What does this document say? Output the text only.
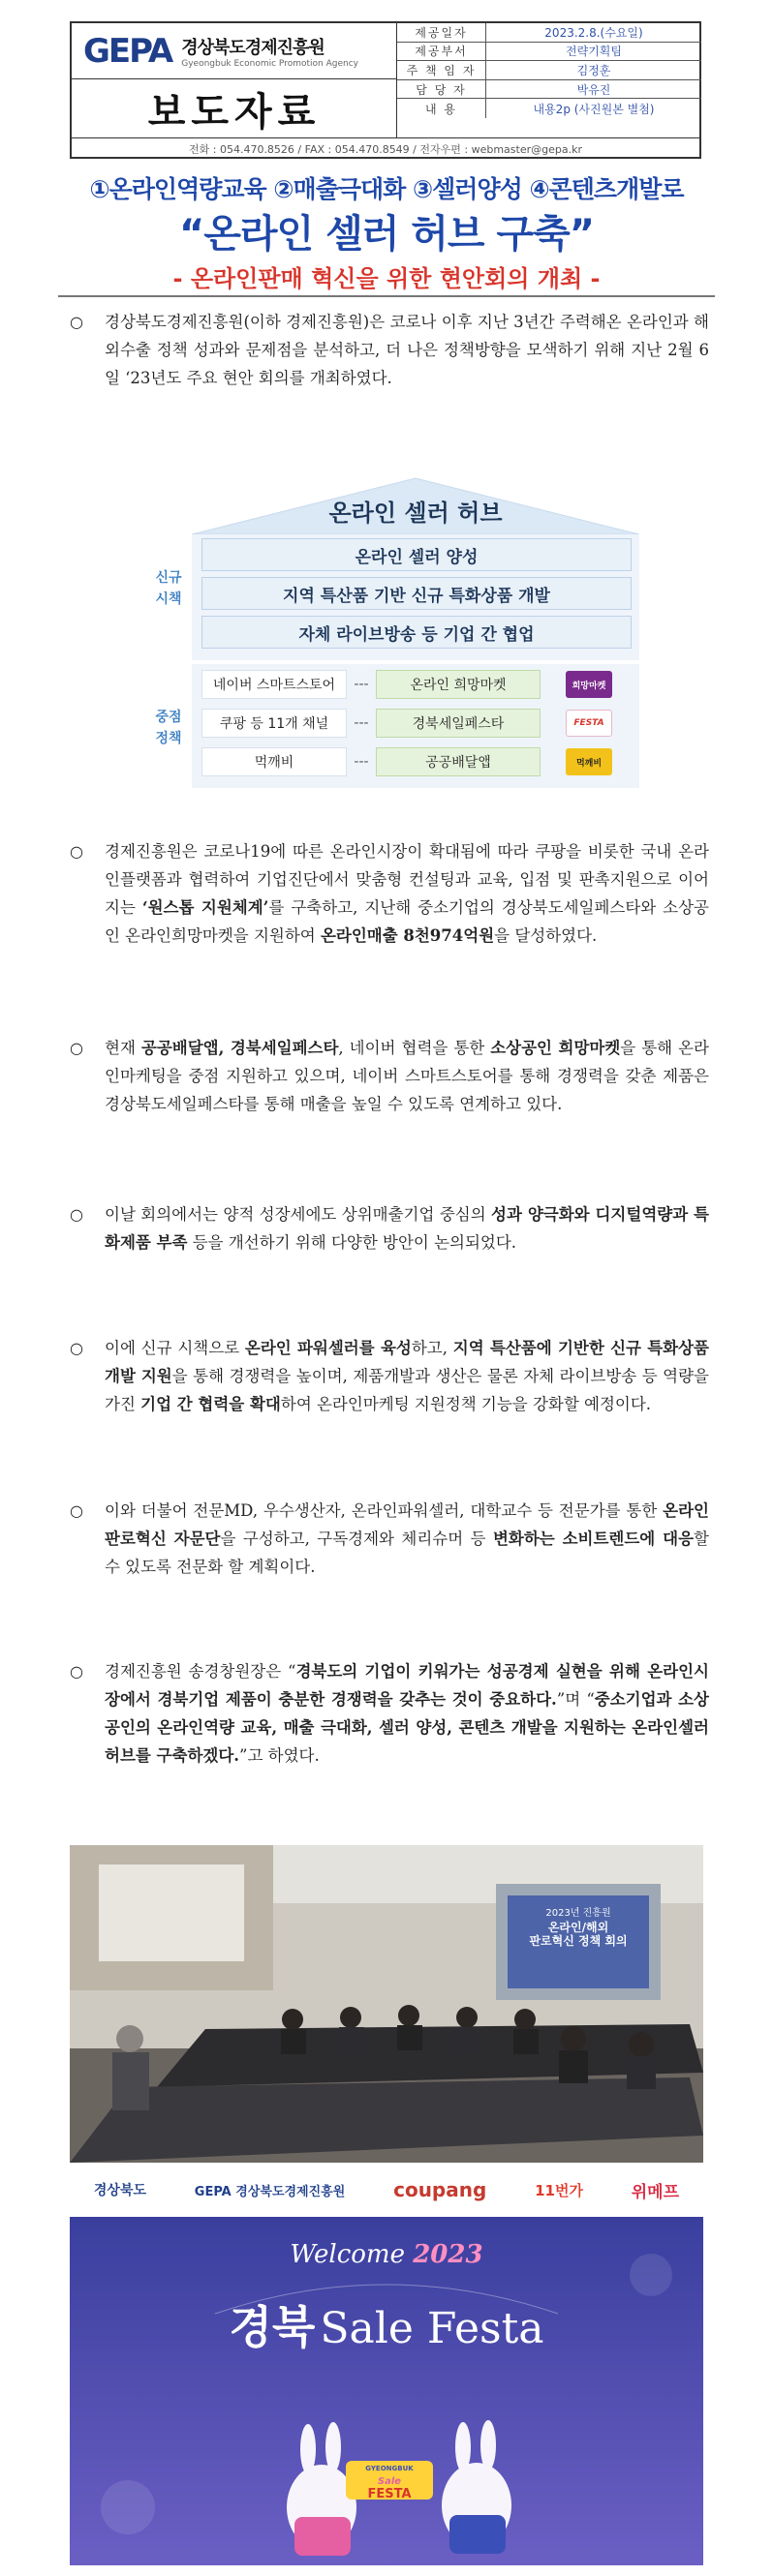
GEPA 경상북도경제진흥원
Gyeongbuk Economic Promotion Agency
보도자료
제공일자	2023.2.8.(수요일)
제공부서	전략기획팀
주 책 임 자	김정훈
담 당 자	박유진
내 용	내용2p (사진원본 별첨)
전화 : 054.470.8526 / FAX : 054.470.8549 / 전자우편 : webmaster@gepa.kr
①온라인역량교육 ②매출극대화 ③셀러양성 ④콘텐츠개발로
“온라인 셀러 허브 구축”
- 온라인판매 혁신을 위한 현안회의 개최 -
○ 경상북도경제진흥원(이하 경제진흥원)은 코로나 이후 지난 3년간 주력해온 온라인과 해외수출 정책 성과와 문제점을 분석하고, 더 나은 정책방향을 모색하기 위해 지난 2월 6일 ‘23년도 주요 현안 회의를 개최하였다.
온라인 셀러 허브
신규
시책
온라인 셀러 양성
지역 특산품 기반 신규 특화상품 개발
자체 라이브방송 등 기업 간 협업
중점
정책
네이버 스마트스토어	---	온라인 희망마켓	희망마켓
쿠팡 등 11개 채널	---	경북세일페스타	FESTA
먹깨비	---	공공배달앱	먹깨비
○ 경제진흥원은 코로나19에 따른 온라인시장이 확대됨에 따라 쿠팡을 비롯한 국내 온라인플랫폼과 협력하여 기업진단에서 맞춤형 컨설팅과 교육, 입점 및 판촉지원으로 이어지는 ‘원스톱 지원체계’를 구축하고, 지난해 중소기업의 경상북도세일페스타와 소상공인 온라인희망마켓을 지원하여 온라인매출 8천974억원을 달성하였다.
○ 현재 공공배달앱, 경북세일페스타, 네이버 협력을 통한 소상공인 희망마켓을 통해 온라인마케팅을 중점 지원하고 있으며, 네이버 스마트스토어를 통해 경쟁력을 갖춘 제품은 경상북도세일페스타를 통해 매출을 높일 수 있도록 연계하고 있다.
○ 이날 회의에서는 양적 성장세에도 상위매출기업 중심의 성과 양극화와 디지털역량과 특화제품 부족 등을 개선하기 위해 다양한 방안이 논의되었다.
○ 이에 신규 시책으로 온라인 파워셀러를 육성하고, 지역 특산품에 기반한 신규 특화상품 개발 지원을 통해 경쟁력을 높이며, 제품개발과 생산은 물론 자체 라이브방송 등 역량을 가진 기업 간 협력을 확대하여 온라인마케팅 지원정책 기능을 강화할 예정이다.
○ 이와 더불어 전문MD, 우수생산자, 온라인파워셀러, 대학교수 등 전문가를 통한 온라인 판로혁신 자문단을 구성하고, 구독경제와 체리슈머 등 변화하는 소비트렌드에 대응할 수 있도록 전문화 할 계획이다.
○ 경제진흥원 송경창원장은 “경북도의 기업이 키워가는 성공경제 실현을 위해 온라인시장에서 경북기업 제품이 충분한 경쟁력을 갖추는 것이 중요하다.”며 “중소기업과 소상공인의 온라인역량 교육, 매출 극대화, 셀러 양성, 콘텐츠 개발을 지원하는 온라인셀러 허브를 구축하겠다.”고 하였다.
2023년 진흥원
온라인/해외
판로혁신 정책 회의
경상북도	GEPA 경상북도경제진흥원 coupang	11번가	위메프
Welcome 2023
경북 Sale Festa
GYEONGBUK
Sale
FESTA
